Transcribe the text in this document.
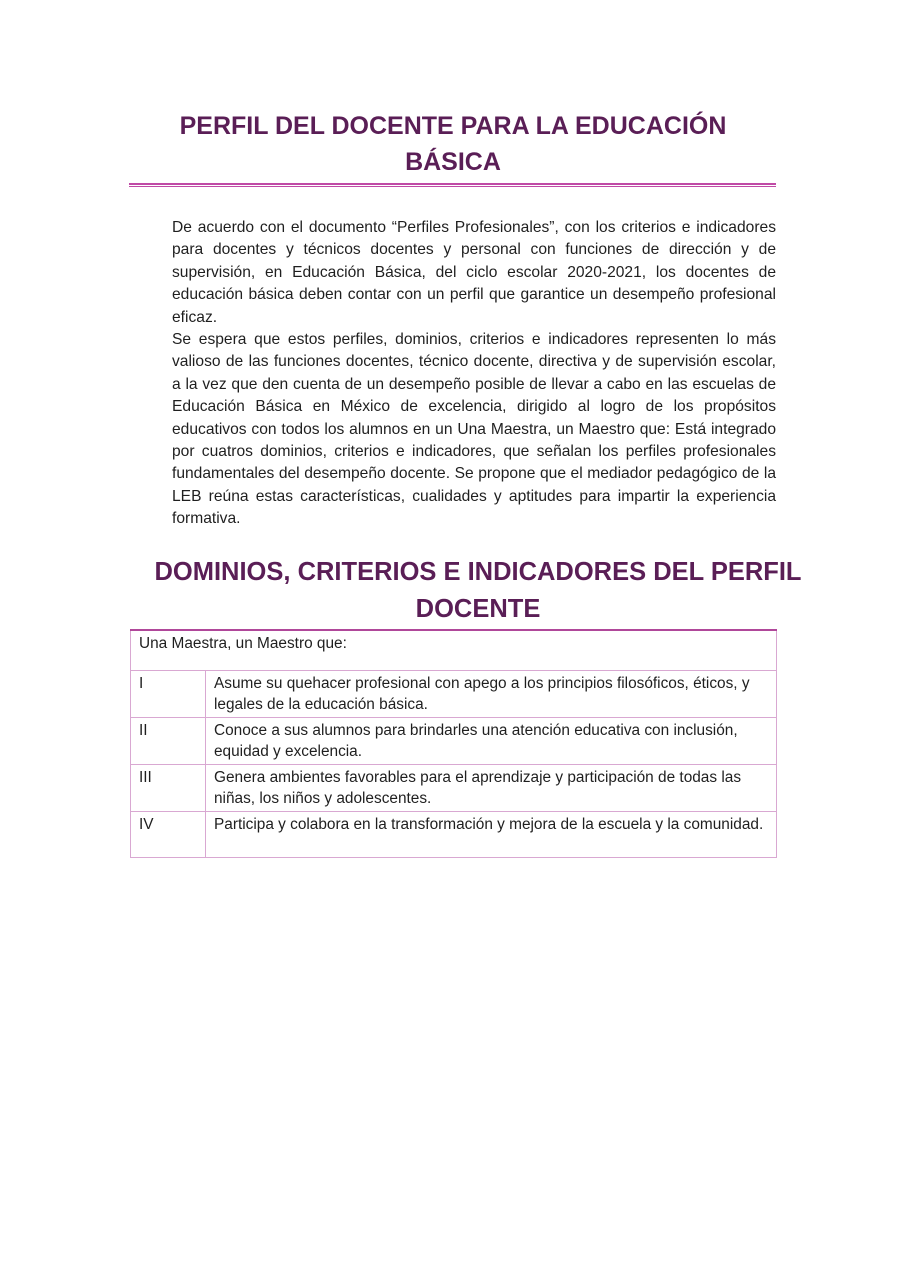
PERFIL DEL DOCENTE PARA LA EDUCACIÓN BÁSICA

De acuerdo con el documento “Perfiles Profesionales”, con los criterios e indicadores para docentes y técnicos docentes y personal con funciones de dirección y de supervisión, en Educación Básica, del ciclo escolar 2020-2021, los docentes de educación básica deben contar con un perfil que garantice un desempeño profesional eficaz.

Se espera que estos perfiles, dominios, criterios e indicadores representen lo más valioso de las funciones docentes, técnico docente, directiva y de supervisión escolar, a la vez que den cuenta de un desempeño posible de llevar a cabo en las escuelas de Educación Básica en México de excelencia, dirigido al logro de los propósitos educativos con todos los alumnos en un Una Maestra, un Maestro que: Está integrado por cuatros dominios, criterios e indicadores, que señalan los perfiles profesionales fundamentales del desempeño docente. Se propone que el mediador pedagógico de la LEB reúna estas características, cualidades y aptitudes para impartir la experiencia formativa.

DOMINIOS, CRITERIOS E INDICADORES DEL PERFIL DOCENTE
Una Maestra, un Maestro que:	
I	Asume su quehacer profesional con apego a los principios filosóficos, éticos, y legales de la educación básica.
II	Conoce a sus alumnos para brindarles una atención educativa con inclusión, equidad y excelencia.
III	Genera ambientes favorables para el aprendizaje y participación de todas las niñas, los niños y adolescentes.
IV	Participa y colabora en la transformación y mejora de la escuela y la comunidad.
